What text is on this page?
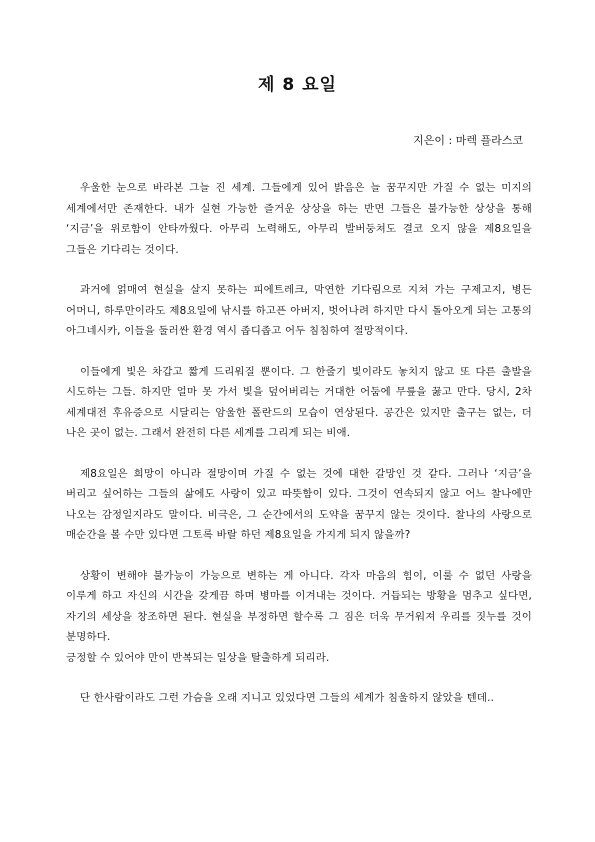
제 8 요일

지은이 : 마렉 플라스코

우울한 눈으로 바라본 그늘 진 세계. 그들에게 있어 밝음은 늘 꿈꾸지만 가질 수 없는 미지의 세계에서만 존재한다. 내가 실현 가능한 즐거운 상상을 하는 반면 그들은 불가능한 상상을 통해 ‘지금’을 위로함이 안타까웠다. 아무리 노력해도, 아무리 발버둥쳐도 결코 오지 않을 제8요일을 그들은 기다리는 것이다.

과거에 얽매여 현실을 살지 못하는 피에트레크, 막연한 기다림으로 지쳐 가는 구제고지, 병든 어머니, 하루만이라도 제8요일에 낚시를 하고픈 아버지, 벗어나려 하지만 다시 돌아오게 되는 고통의 아그네시카, 이들을 둘러싼 환경 역시 좁디좁고 어두 침침하여 절망적이다.

이들에게 빛은 차갑고 짧게 드리워질 뿐이다. 그 한줄기 빛이라도 놓치지 않고 또 다른 출발을 시도하는 그들. 하지만 얼마 못 가서 빛을 덮어버리는 거대한 어둠에 무릎을 꿇고 만다. 당시, 2차 세계대전 후유증으로 시달리는 암울한 폴란드의 모습이 연상된다. 공간은 있지만 출구는 없는, 더 나은 곳이 없는. 그래서 완전히 다른 세계를 그리게 되는 비애.

제8요일은 희망이 아니라 절망이며 가질 수 없는 것에 대한 갈망인 것 같다. 그러나 ‘지금’을 버리고 싶어하는 그들의 삶에도 사랑이 있고 따뜻함이 있다. 그것이 연속되지 않고 어느 찰나에만 나오는 감정일지라도 말이다. 비극은, 그 순간에서의 도약을 꿈꾸지 않는 것이다. 찰나의 사랑으로 매순간을 볼 수만 있다면 그토록 바랄 하던 제8요일을 가지게 되지 않을까?

상황이 변해야 불가능이 가능으로 변하는 게 아니다. 각자 마음의 힘이, 이룰 수 없던 사랑을 이루게 하고 자신의 시간을 갖게끔 하며 병마를 이겨내는 것이다. 거듭되는 방황을 멈추고 싶다면, 자기의 세상을 창조하면 된다. 현실을 부정하면 할수록 그 짐은 더욱 무거워져 우리를 짓누를 것이 분명하다.

긍정할 수 있어야 만이 반복되는 일상을 탈출하게 되리라.

단 한사람이라도 그런 가슴을 오래 지니고 있었다면 그들의 세계가 침울하지 않았을 텐데..
